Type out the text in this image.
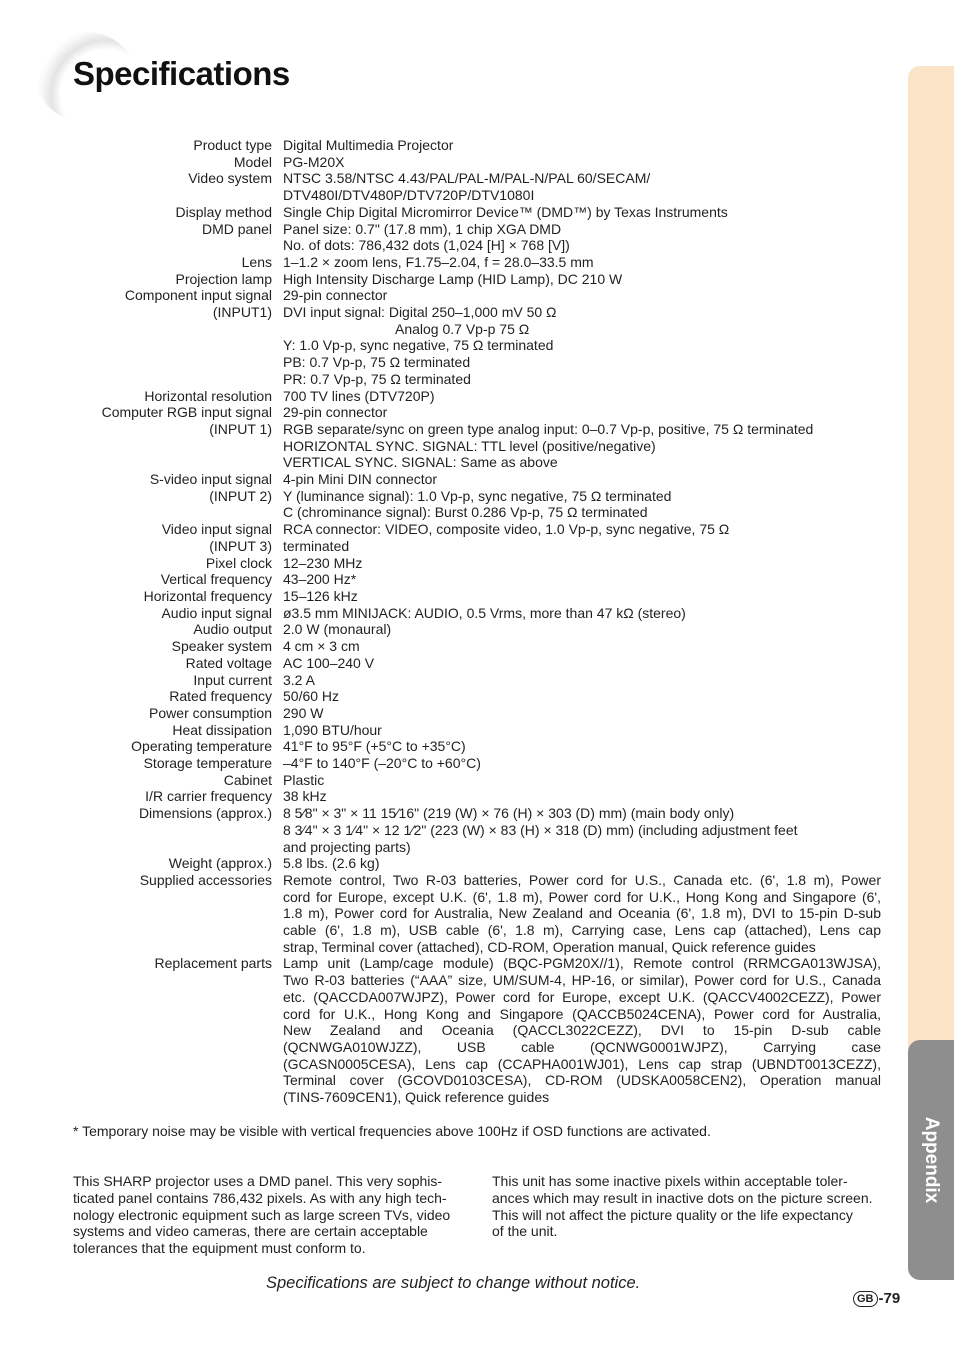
Specifications
Appendix
Product type Digital Multimedia Projector
Model PG-M20X
Video system NTSC 3.58/NTSC 4.43/PAL/PAL-M/PAL-N/PAL 60/SECAM/
DTV480I/DTV480P/DTV720P/DTV1080I
Display method Single Chip Digital Micromirror Device™ (DMD™) by Texas Instruments
DMD panel Panel size: 0.7" (17.8 mm), 1 chip XGA DMD
No. of dots: 786,432 dots (1,024 [H] × 768 [V])
Lens 1–1.2 × zoom lens, F1.75–2.04, f = 28.0–33.5 mm
Projection lamp High Intensity Discharge Lamp (HID Lamp), DC 210 W
Component input signal
(INPUT1)
29-pin connector
DVI input signal: Digital 250–1,000 mV 50 Ω
Analog 0.7 Vp-p 75 Ω
Y: 1.0 Vp-p, sync negative, 75 Ω terminated
PB: 0.7 Vp-p, 75 Ω terminated
PR: 0.7 Vp-p, 75 Ω terminated
Horizontal resolution 700 TV lines (DTV720P)
Computer RGB input signal
(INPUT 1)
29-pin connector
RGB separate/sync on green type analog input: 0–0.7 Vp-p, positive, 75 Ω terminated
HORIZONTAL SYNC. SIGNAL: TTL level (positive/negative)
VERTICAL SYNC. SIGNAL: Same as above
S-video input signal
(INPUT 2)
4-pin Mini DIN connector
Y (luminance signal): 1.0 Vp-p, sync negative, 75 Ω terminated
C (chrominance signal): Burst 0.286 Vp-p, 75 Ω terminated
Video input signal
(INPUT 3)
RCA connector: VIDEO, composite video, 1.0 Vp-p, sync negative, 75 Ω
terminated
Pixel clock 12–230 MHz
Vertical frequency 43–200 Hz*
Horizontal frequency 15–126 kHz
Audio input signal ø3.5 mm MINIJACK: AUDIO, 0.5 Vrms, more than 47 kΩ (stereo)
Audio output 2.0 W (monaural)
Speaker system 4 cm × 3 cm
Rated voltage AC 100–240 V
Input current 3.2 A
Rated frequency 50/60 Hz
Power consumption 290 W
Heat dissipation 1,090 BTU/hour
Operating temperature 41°F to 95°F (+5°C to +35°C)
Storage temperature –4°F to 140°F (–20°C to +60°C)
Cabinet Plastic
I/R carrier frequency 38 kHz
Dimensions (approx.) 8 5⁄8" × 3" × 11 15⁄16" (219 (W) × 76 (H) × 303 (D) mm) (main body only)
8 3⁄4" × 3 1⁄4" × 12 1⁄2" (223 (W) × 83 (H) × 318 (D) mm) (including adjustment feet
and projecting parts)
Weight (approx.) 5.8 lbs. (2.6 kg)
Supplied accessories Remote control, Two R-03 batteries, Power cord for U.S., Canada etc. (6', 1.8 m), Power
cord for Europe, except U.K. (6', 1.8 m), Power cord for U.K., Hong Kong and Singapore (6',
1.8 m), Power cord for Australia, New Zealand and Oceania (6', 1.8 m), DVI to 15-pin D-sub
cable (6', 1.8 m), USB cable (6', 1.8 m), Carrying case, Lens cap (attached), Lens cap
strap, Terminal cover (attached), CD-ROM, Operation manual, Quick reference guides
Replacement parts Lamp unit (Lamp/cage module) (BQC-PGM20X//1), Remote control (RRMCGA013WJSA),
Two R-03 batteries (“AAA” size, UM/SUM-4, HP-16, or similar), Power cord for U.S., Canada
etc. (QACCDA007WJPZ), Power cord for Europe, except U.K. (QACCV4002CEZZ), Power
cord for U.K., Hong Kong and Singapore (QACCB5024CENA), Power cord for Australia,
New Zealand and Oceania (QACCL3022CEZZ), DVI to 15-pin D-sub cable
(QCNWGA010WJZZ), USB cable (QCNWG0001WJPZ), Carrying case
(GCASN0005CESA), Lens cap (CCAPHA001WJ01), Lens cap strap (UBNDT0013CEZZ),
Terminal cover (GCOVD0103CESA), CD-ROM (UDSKA0058CEN2), Operation manual
(TINS-7609CEN1), Quick reference guides

* Temporary noise may be visible with vertical frequencies above 100Hz if OSD functions are activated.

This SHARP projector uses a DMD panel. This very sophis-
ticated panel contains 786,432 pixels. As with any high tech-
nology electronic equipment such as large screen TVs, video
systems and video cameras, there are certain acceptable
tolerances that the equipment must conform to.
This unit has some inactive pixels within acceptable toler-
ances which may result in inactive dots on the picture screen.
This will not affect the picture quality or the life expectancy
of the unit.

Specifications are subject to change without notice.

GB -79
